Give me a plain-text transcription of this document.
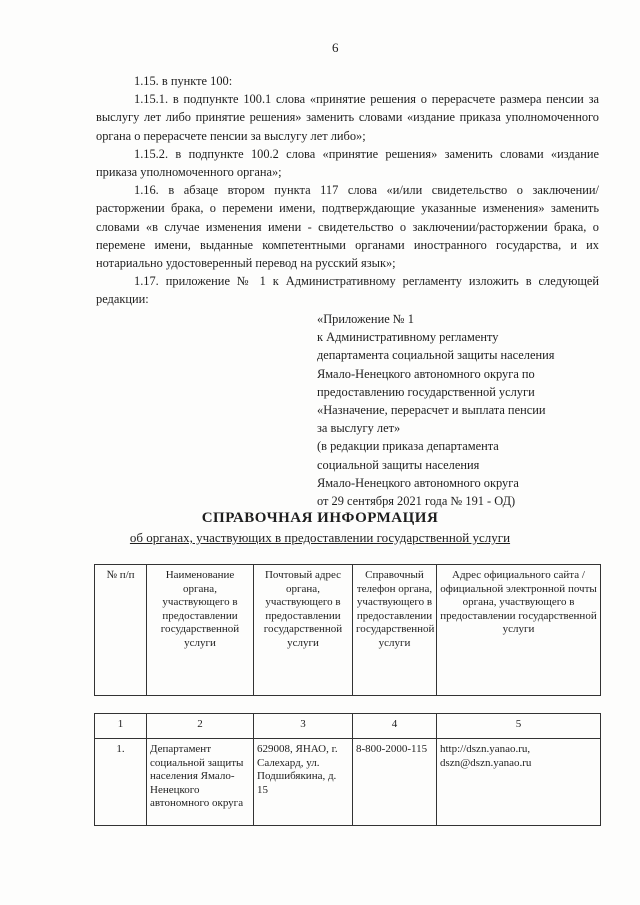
6

1.15. в пункте 100:

1.15.1. в подпункте 100.1 слова «принятие решения о перерасчете размера пенсии за выслугу лет либо принятие решения» заменить словами «издание приказа уполномоченного органа о перерасчете пенсии за выслугу лет либо»;

1.15.2. в подпункте 100.2 слова «принятие решения» заменить словами «издание приказа уполномоченного органа»;

1.16. в абзаце втором пункта 117 слова «и/или свидетельство о заключении/расторжении брака, о перемени имени, подтверждающие указанные изменения» заменить словами «в случае изменения имени - свидетельство о заключении/расторжении брака, о перемене имени, выданные компетентными органами иностранного государства, и их нотариально удостоверенный перевод на русский язык»;

1.17. приложение № 1 к Административному регламенту изложить в следующей редакции:

«Приложение № 1
к Административному регламенту
департамента социальной защиты населения
Ямало-Ненецкого автономного округа по
предоставлению государственной услуги
«Назначение, перерасчет и выплата пенсии
за выслугу лет»
(в редакции приказа департамента
социальной защиты населения
Ямало-Ненецкого автономного округа
от 29 сентября 2021 года № 191 - ОД)
СПРАВОЧНАЯ ИНФОРМАЦИЯ
об органах, участвующих в предоставлении государственной услуги
№ п/п	Наименование органа, участвующего в предоставлении государственной услуги	Почтовый адрес органа, участвующего в предоставлении государственной услуги	Справочный телефон органа, участвующего в предоставлении государственной услуги	Адрес официального сайта /официальной электронной почты органа, участвующего в предоставлении государственной услуги
1	2	3	4	5
1.	Департамент социальной защиты населения Ямало-Ненецкого автономного округа	629008, ЯНАО, г. Салехард, ул. Подшибякина, д. 15	8-800-2000-115	http://dszn.yanao.ru, dszn@dszn.yanao.ru
